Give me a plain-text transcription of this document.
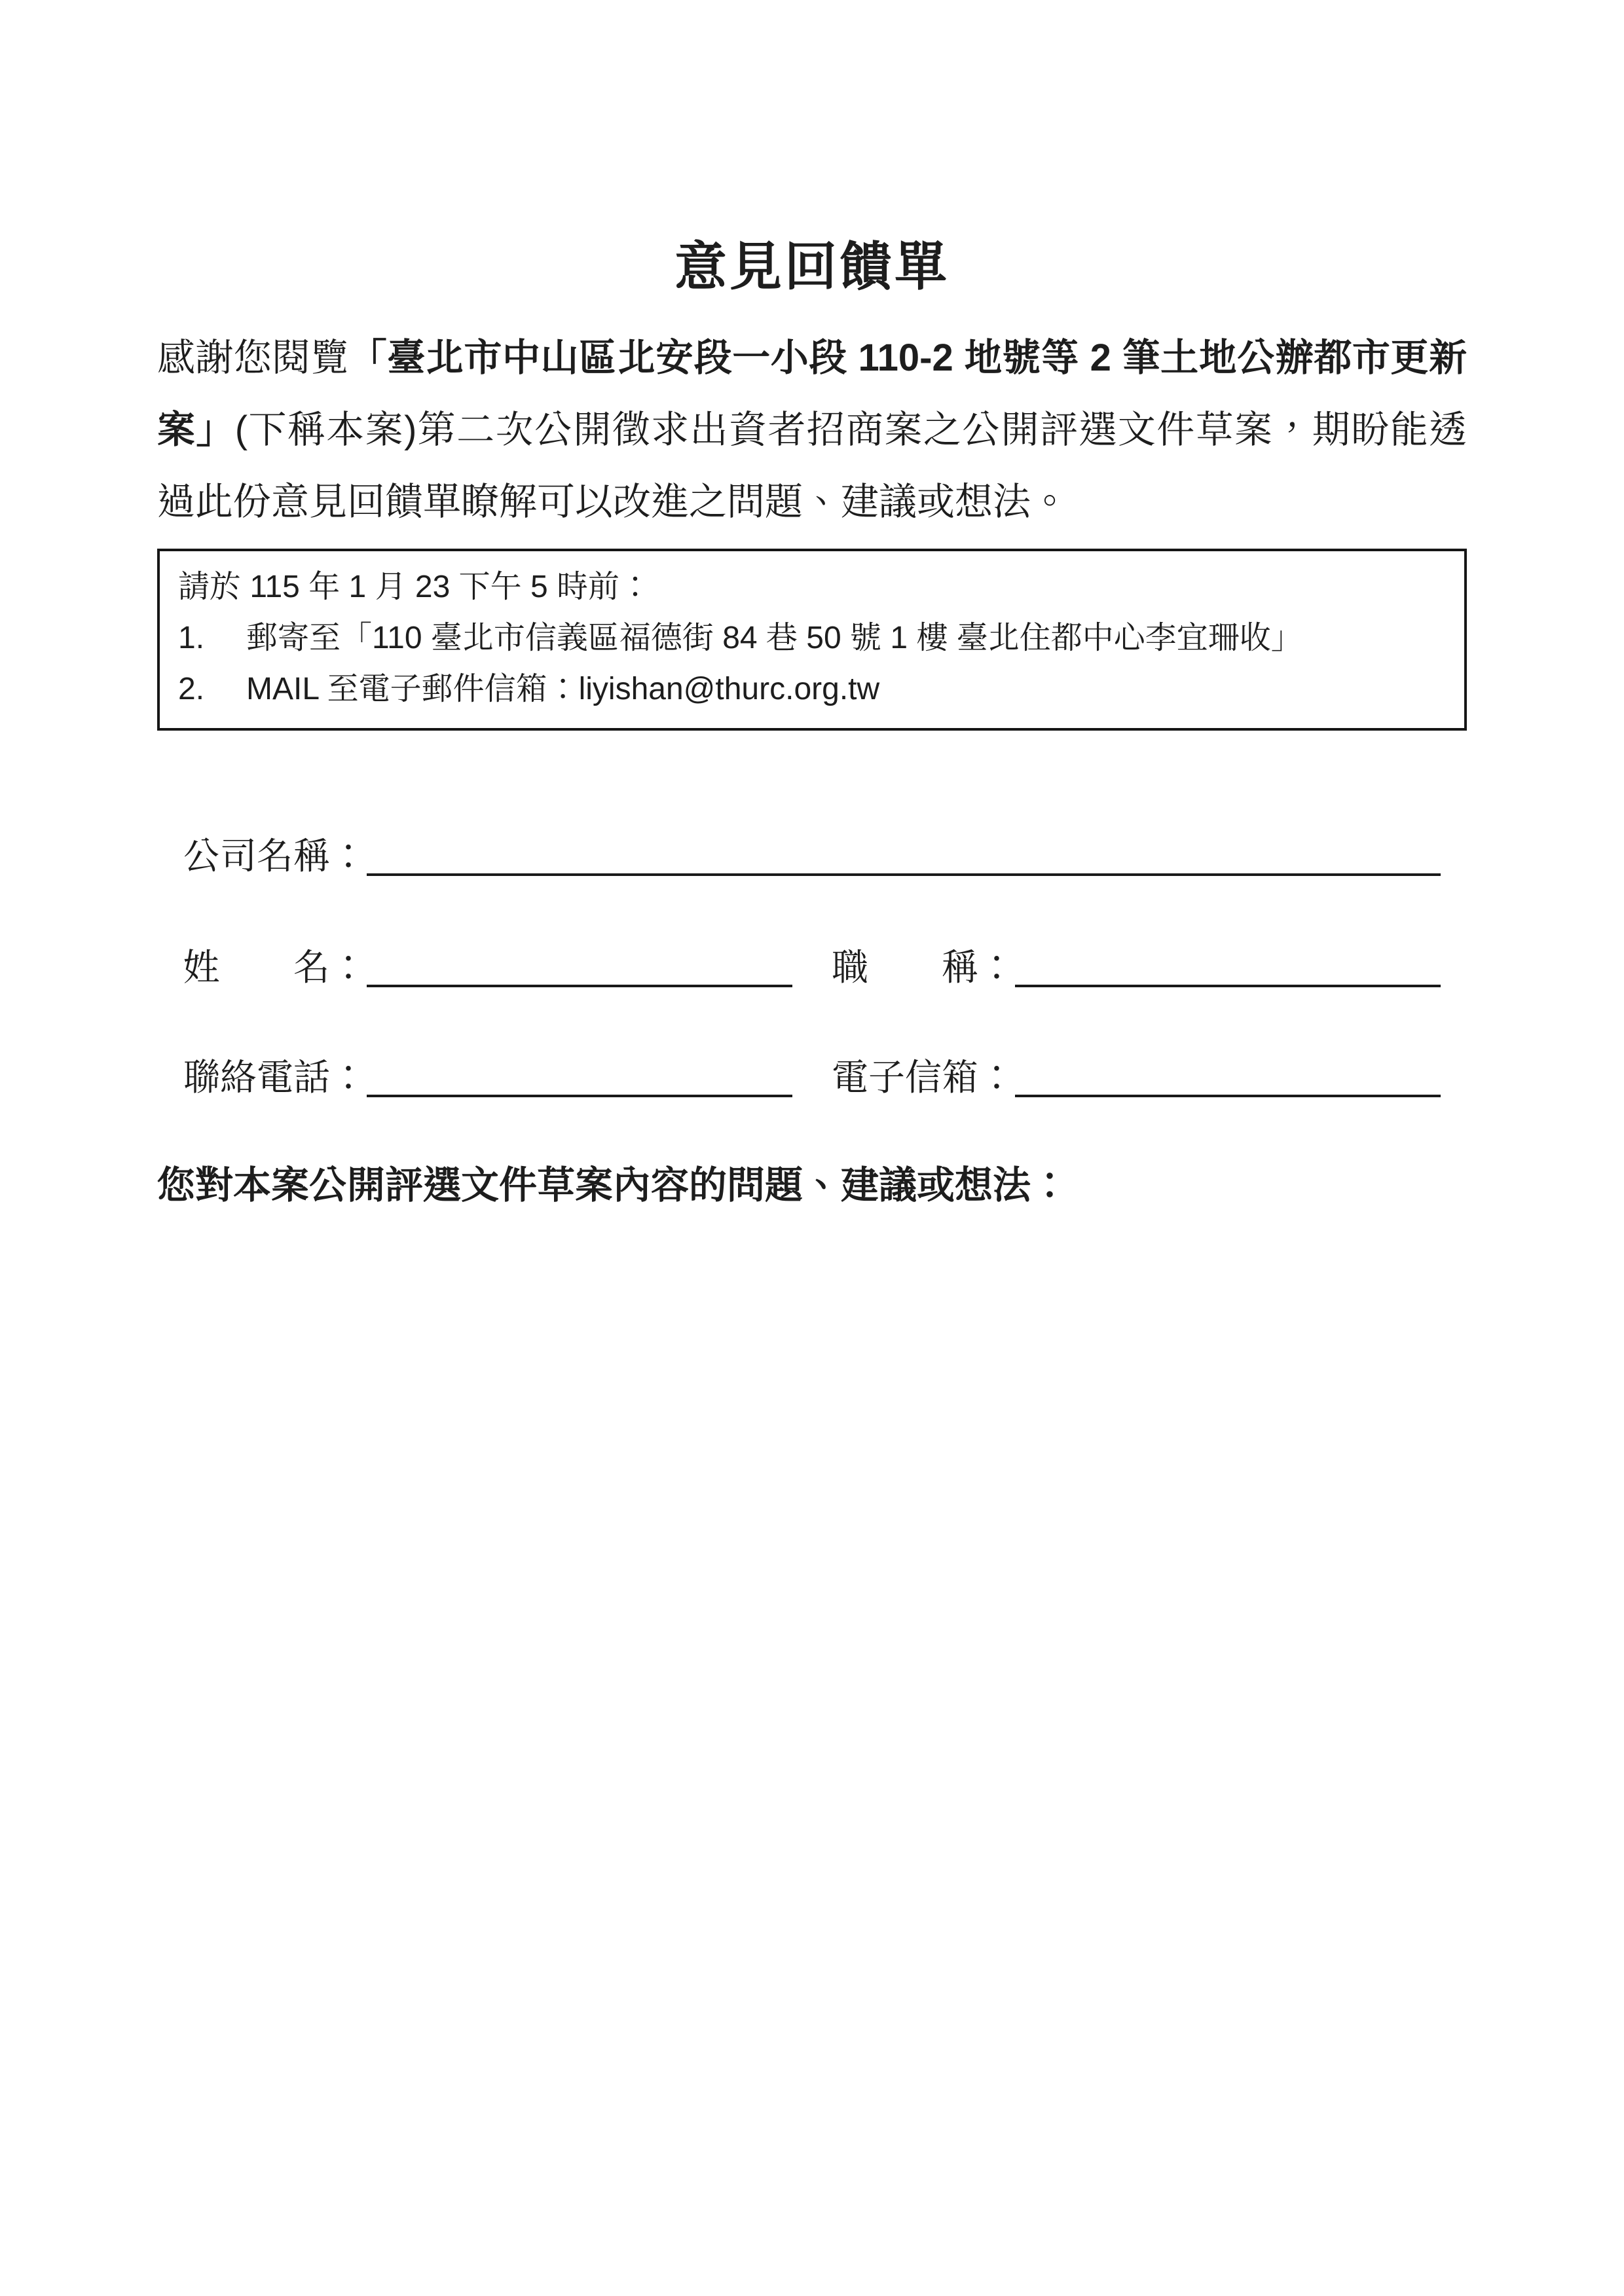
意見回饋單

感謝您閱覽「臺北市中山區北安段一小段 110-2 地號等 2 筆土地公辦都市更新案」(下稱本案)第二次公開徵求出資者招商案之公開評選文件草案，期盼能透過此份意見回饋單瞭解可以改進之問題、建議或想法。

請於 115 年 1 月 23 下午 5 時前：
1.	郵寄至「110 臺北市信義區福德街 84 巷 50 號 1 樓 臺北住都中心李宜珊收」
2.	MAIL 至電子郵件信箱：liyishan@thurc.org.tw
公司名稱：
姓　　名：	職　　稱：
聯絡電話：	電子信箱：
您對本案公開評選文件草案內容的問題、建議或想法：
